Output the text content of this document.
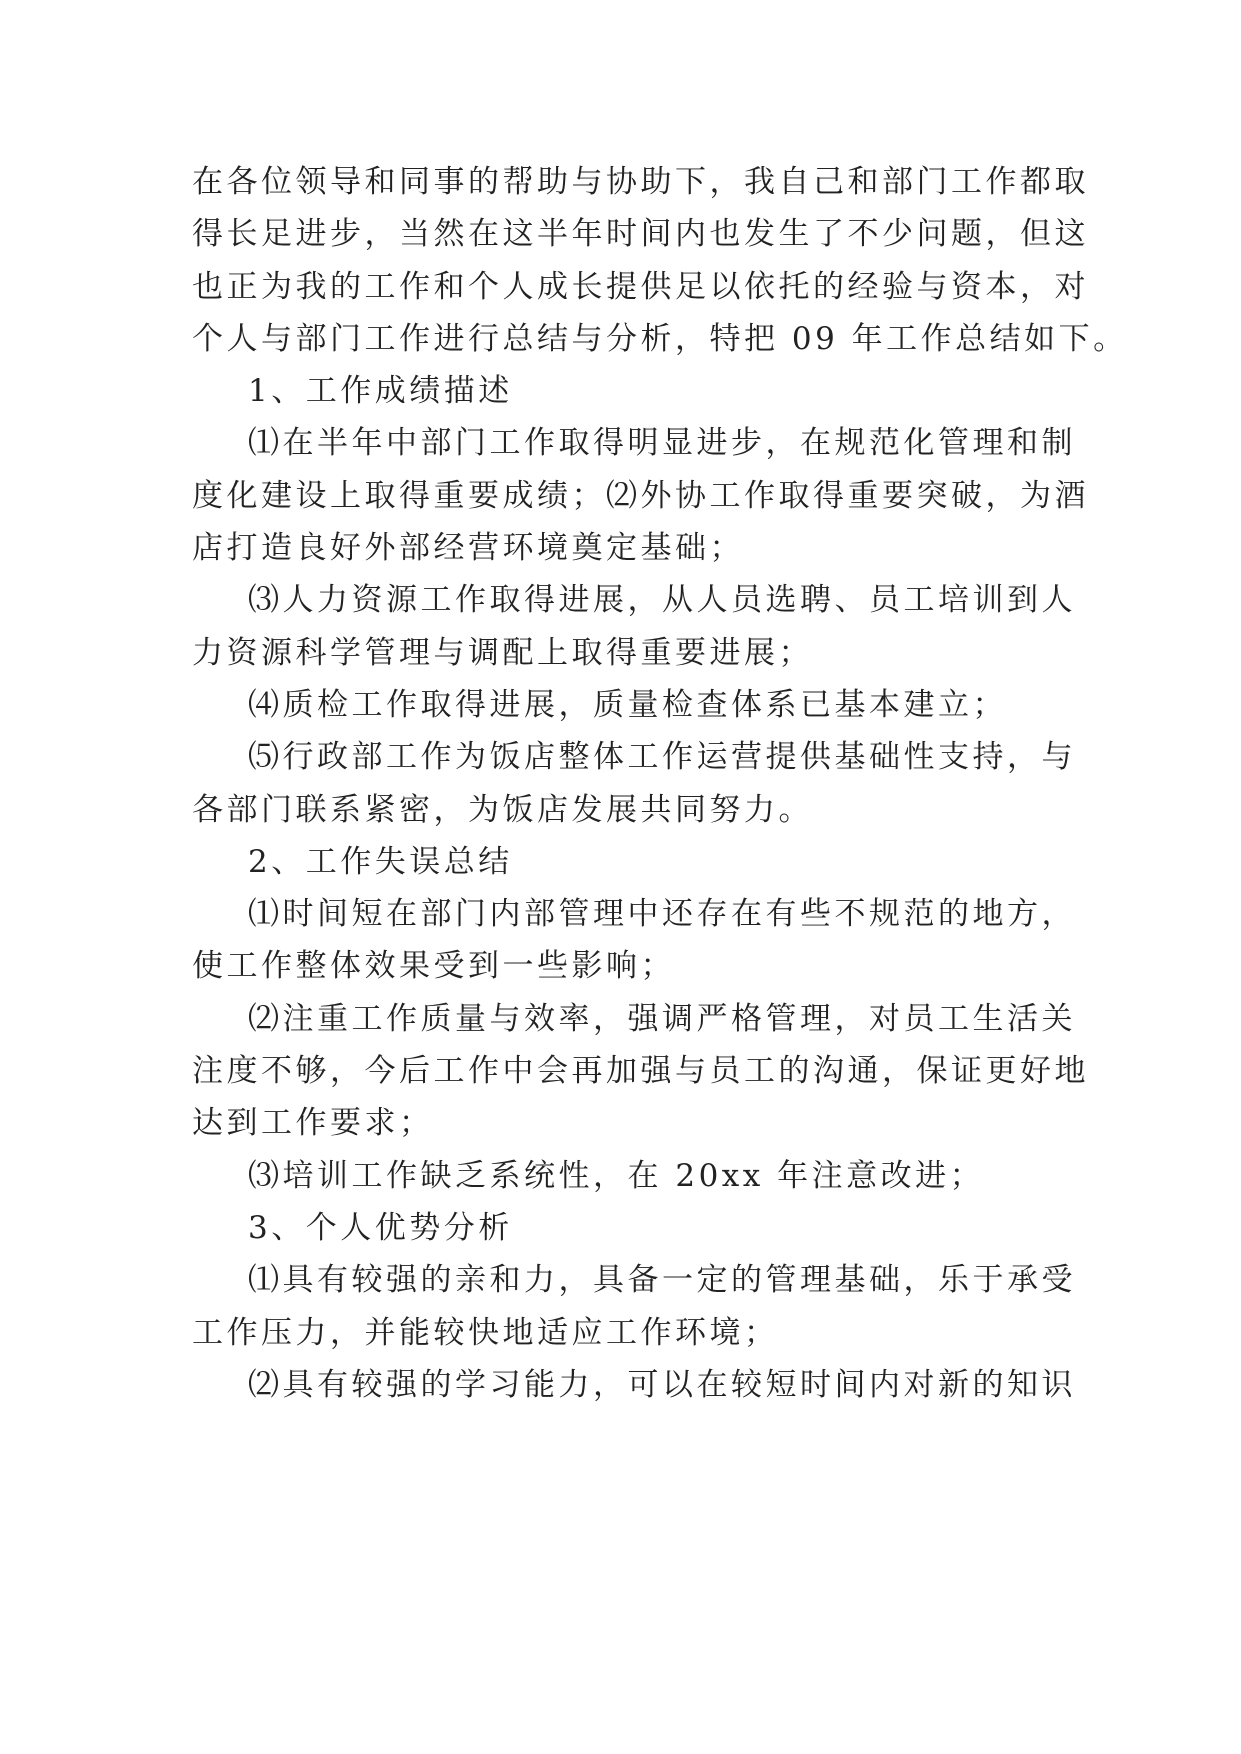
在各位领导和同事的帮助与协助下，我自己和部门工作都取
得长足进步，当然在这半年时间内也发生了不少问题，但这
也正为我的工作和个人成长提供足以依托的经验与资本，对
个人与部门工作进行总结与分析，特把 09 年工作总结如下。
1、工作成绩描述
⑴在半年中部门工作取得明显进步，在规范化管理和制
度化建设上取得重要成绩；⑵外协工作取得重要突破，为酒
店打造良好外部经营环境奠定基础；
⑶人力资源工作取得进展，从人员选聘、员工培训到人
力资源科学管理与调配上取得重要进展；
⑷质检工作取得进展，质量检查体系已基本建立；
⑸行政部工作为饭店整体工作运营提供基础性支持，与
各部门联系紧密，为饭店发展共同努力。
2、工作失误总结
⑴时间短在部门内部管理中还存在有些不规范的地方，
使工作整体效果受到一些影响；
⑵注重工作质量与效率，强调严格管理，对员工生活关
注度不够，今后工作中会再加强与员工的沟通，保证更好地
达到工作要求；
⑶培训工作缺乏系统性，在 20xx 年注意改进；
3、个人优势分析
⑴具有较强的亲和力，具备一定的管理基础，乐于承受
工作压力，并能较快地适应工作环境；
⑵具有较强的学习能力，可以在较短时间内对新的知识
